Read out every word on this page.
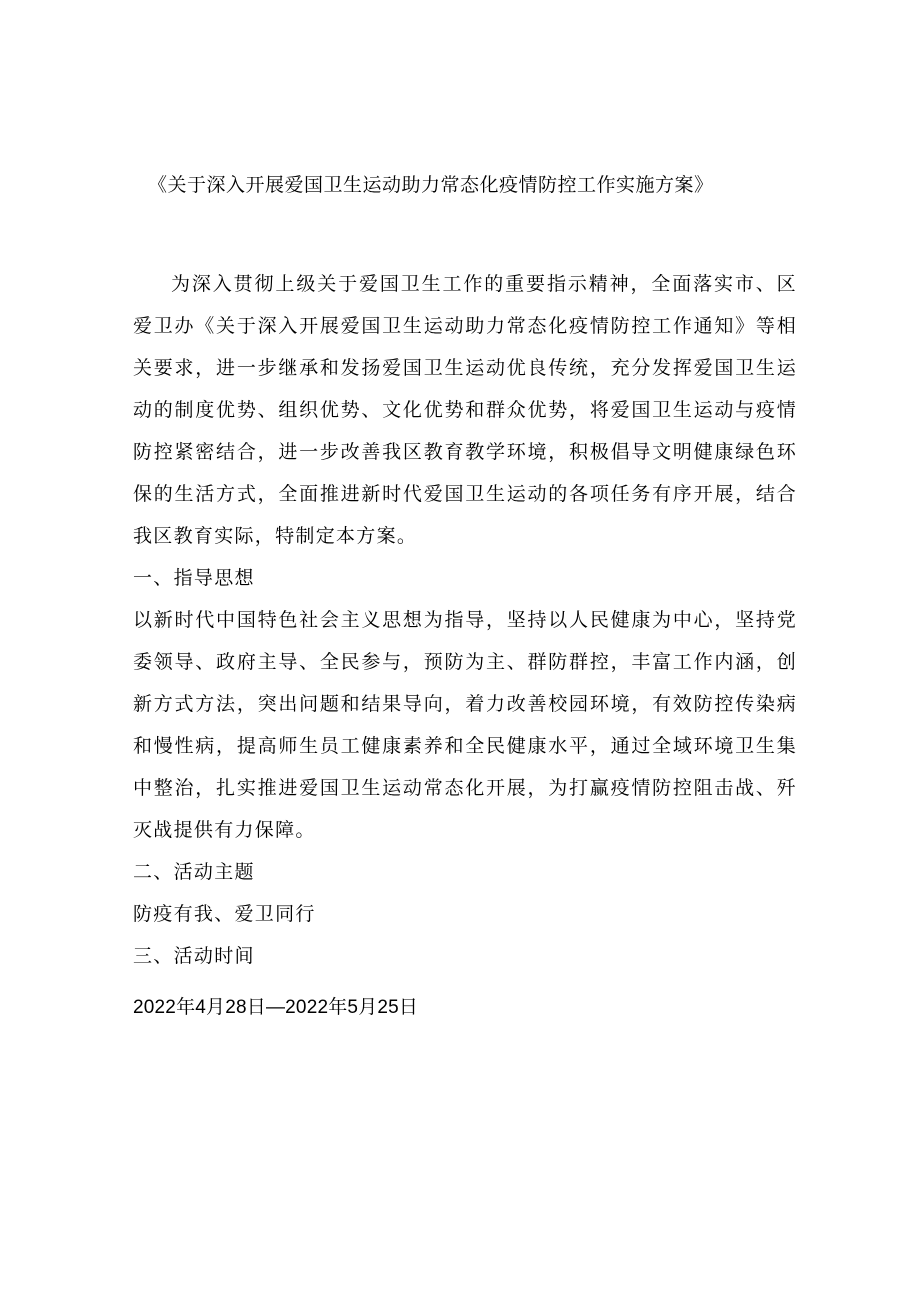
《关于深入开展爱国卫生运动助力常态化疫情防控工作实施方案》

为深入贯彻上级关于爱国卫生工作的重要指示精神，全面落实市、区爱卫办《关于深入开展爱国卫生运动助力常态化疫情防控工作通知》等相关要求，进一步继承和发扬爱国卫生运动优良传统，充分发挥爱国卫生运动的制度优势、组织优势、文化优势和群众优势，将爱国卫生运动与疫情防控紧密结合，进一步改善我区教育教学环境，积极倡导文明健康绿色环保的生活方式，全面推进新时代爱国卫生运动的各项任务有序开展，结合我区教育实际，特制定本方案。

一、指导思想

以新时代中国特色社会主义思想为指导，坚持以人民健康为中心，坚持党委领导、政府主导、全民参与，预防为主、群防群控，丰富工作内涵，创新方式方法，突出问题和结果导向，着力改善校园环境，有效防控传染病和慢性病，提高师生员工健康素养和全民健康水平，通过全域环境卫生集中整治，扎实推进爱国卫生运动常态化开展，为打赢疫情防控阻击战、歼灭战提供有力保障。

二、活动主题

防疫有我、爱卫同行

三、活动时间

2022年4月28日—2022年5月25日
